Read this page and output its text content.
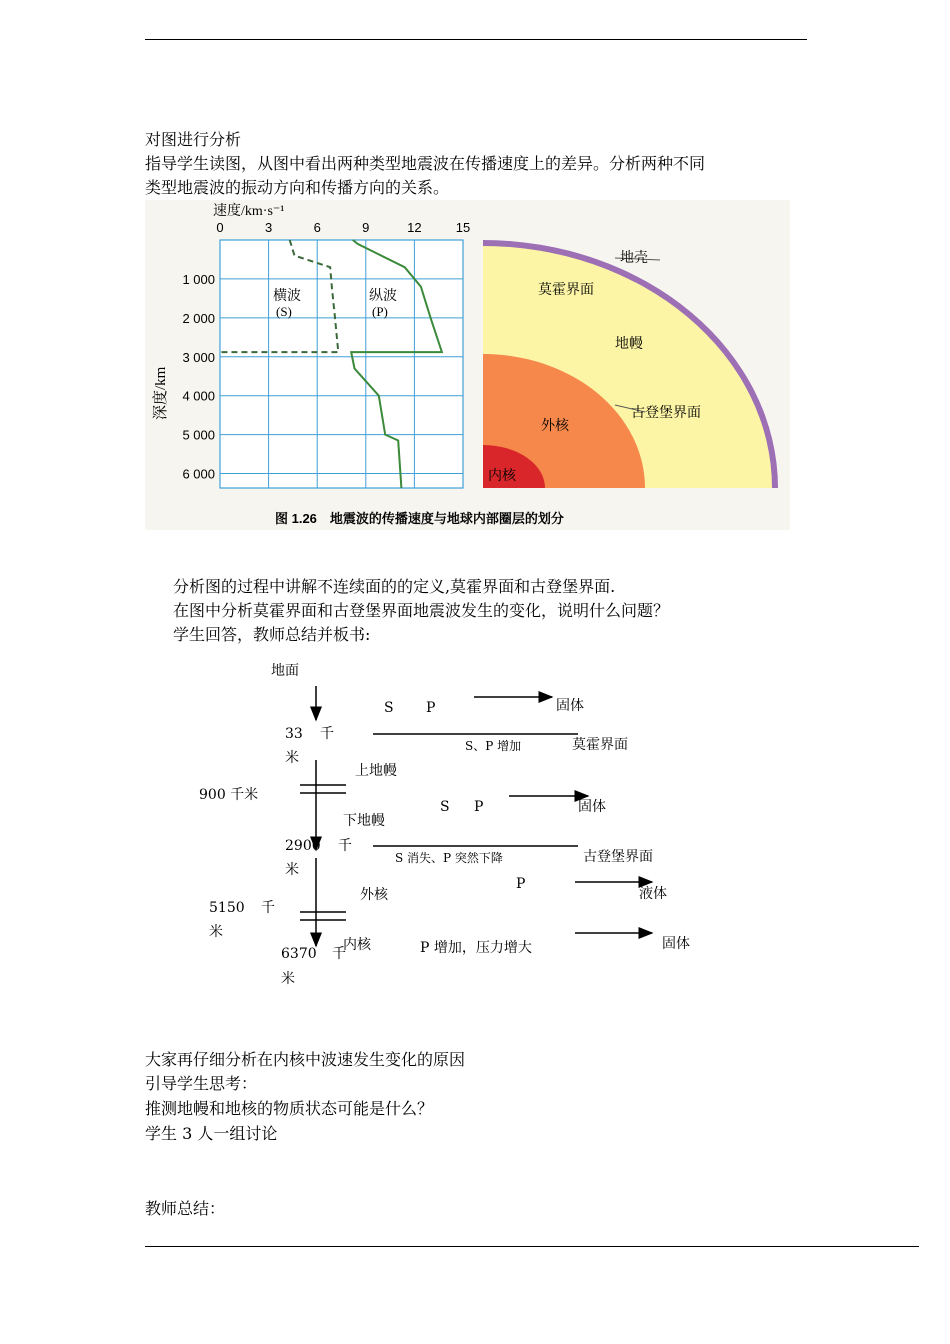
对图进行分析
指导学生读图，从图中看出两种类型地震波在传播速度上的差异。分析两种不同
类型地震波的振动方向和传播方向的关系。
0	3	6	9	12	15
1 000
2 000
3 000
4 000
5 000
6 000
速度/km·s⁻¹
深度/km
横波
(S)
纵波
(P)
地壳
莫霍界面
地幔
古登堡界面
外核
内核
图 1.26　地震波的传播速度与地球内部圈层的划分
分析图的过程中讲解不连续面的的定义,莫霍界面和古登堡界面.
在图中分析莫霍界面和古登堡界面地震波发生的变化，说明什么问题？
学生回答，教师总结并板书:
地面
S P	固体
33 千
米
S、P 增加	莫霍界面
上地幔
900 千米
S P	固体
下地幔
2900 千
米
S 消失、P 突然下降	古登堡界面
P
外核	液体
5150 千
米
6370 千
米
内核	P 增加，压力增大	固体
大家再仔细分析在内核中波速发生变化的原因
引导学生思考：
推测地幔和地核的物质状态可能是什么？
学生 3 人一组讨论
教师总结：
